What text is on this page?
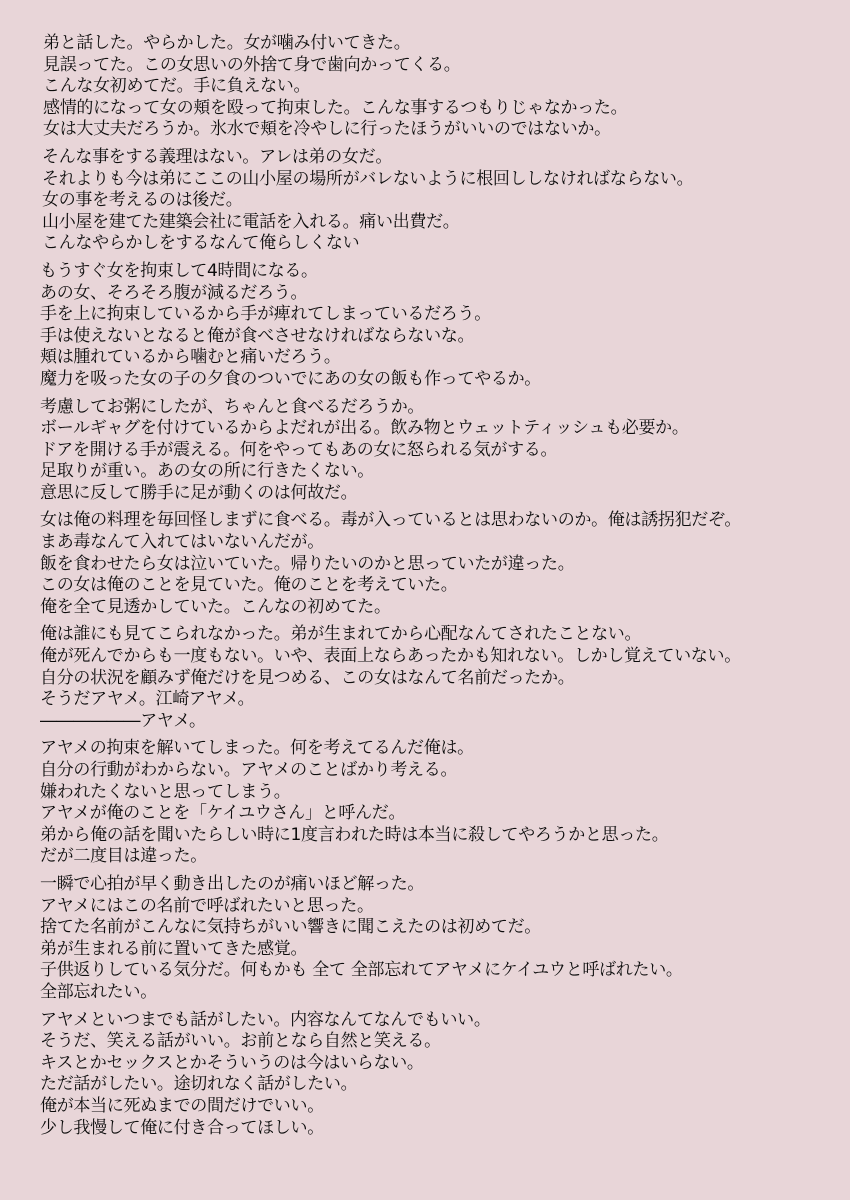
弟と話した。やらかした。女が噛み付いてきた。
見誤ってた。この女思いの外捨て身で歯向かってくる。
こんな女初めてだ。手に負えない。
感情的になって女の頬を殴って拘束した。こんな事するつもりじゃなかった。
女は大丈夫だろうか。氷水で頬を冷やしに行ったほうがいいのではないか。
そんな事をする義理はない。アレは弟の女だ。
それよりも今は弟にここの山小屋の場所がバレないように根回ししなければならない。
女の事を考えるのは後だ。
山小屋を建てた建築会社に電話を入れる。痛い出費だ。
こんなやらかしをするなんて俺らしくない
もうすぐ女を拘束して4時間になる。
あの女、そろそろ腹が減るだろう。
手を上に拘束しているから手が痺れてしまっているだろう。
手は使えないとなると俺が食べさせなければならないな。
頬は腫れているから噛むと痛いだろう。
魔力を吸った女の子の夕食のついでにあの女の飯も作ってやるか。
考慮してお粥にしたが、ちゃんと食べるだろうか。
ボールギャグを付けているからよだれが出る。飲み物とウェットティッシュも必要か。
ドアを開ける手が震える。何をやってもあの女に怒られる気がする。
足取りが重い。あの女の所に行きたくない。
意思に反して勝手に足が動くのは何故だ。
女は俺の料理を毎回怪しまずに食べる。毒が入っているとは思わないのか。俺は誘拐犯だぞ。
まあ毒なんて入れてはいないんだが。
飯を食わせたら女は泣いていた。帰りたいのかと思っていたが違った。
この女は俺のことを見ていた。俺のことを考えていた。
俺を全て見透かしていた。こんなの初めてた。
俺は誰にも見てこられなかった。弟が生まれてから心配なんてされたことない。
俺が死んでからも一度もない。いや、表面上ならあったかも知れない。しかし覚えていない。
自分の状況を顧みず俺だけを見つめる、この女はなんて名前だったか。
そうだアヤメ。江崎アヤメ。
――――――アヤメ。
アヤメの拘束を解いてしまった。何を考えてるんだ俺は。
自分の行動がわからない。アヤメのことばかり考える。
嫌われたくないと思ってしまう。
アヤメが俺のことを「ケイユウさん」と呼んだ。
弟から俺の話を聞いたらしい時に1度言われた時は本当に殺してやろうかと思った。
だが二度目は違った。
一瞬で心拍が早く動き出したのが痛いほど解った。
アヤメにはこの名前で呼ばれたいと思った。
捨てた名前がこんなに気持ちがいい響きに聞こえたのは初めてだ。
弟が生まれる前に置いてきた感覚。
子供返りしている気分だ。何もかも 全て 全部忘れてアヤメにケイユウと呼ばれたい。
全部忘れたい。
アヤメといつまでも話がしたい。内容なんてなんでもいい。
そうだ、笑える話がいい。お前となら自然と笑える。
キスとかセックスとかそういうのは今はいらない。
ただ話がしたい。途切れなく話がしたい。
俺が本当に死ぬまでの間だけでいい。
少し我慢して俺に付き合ってほしい。
